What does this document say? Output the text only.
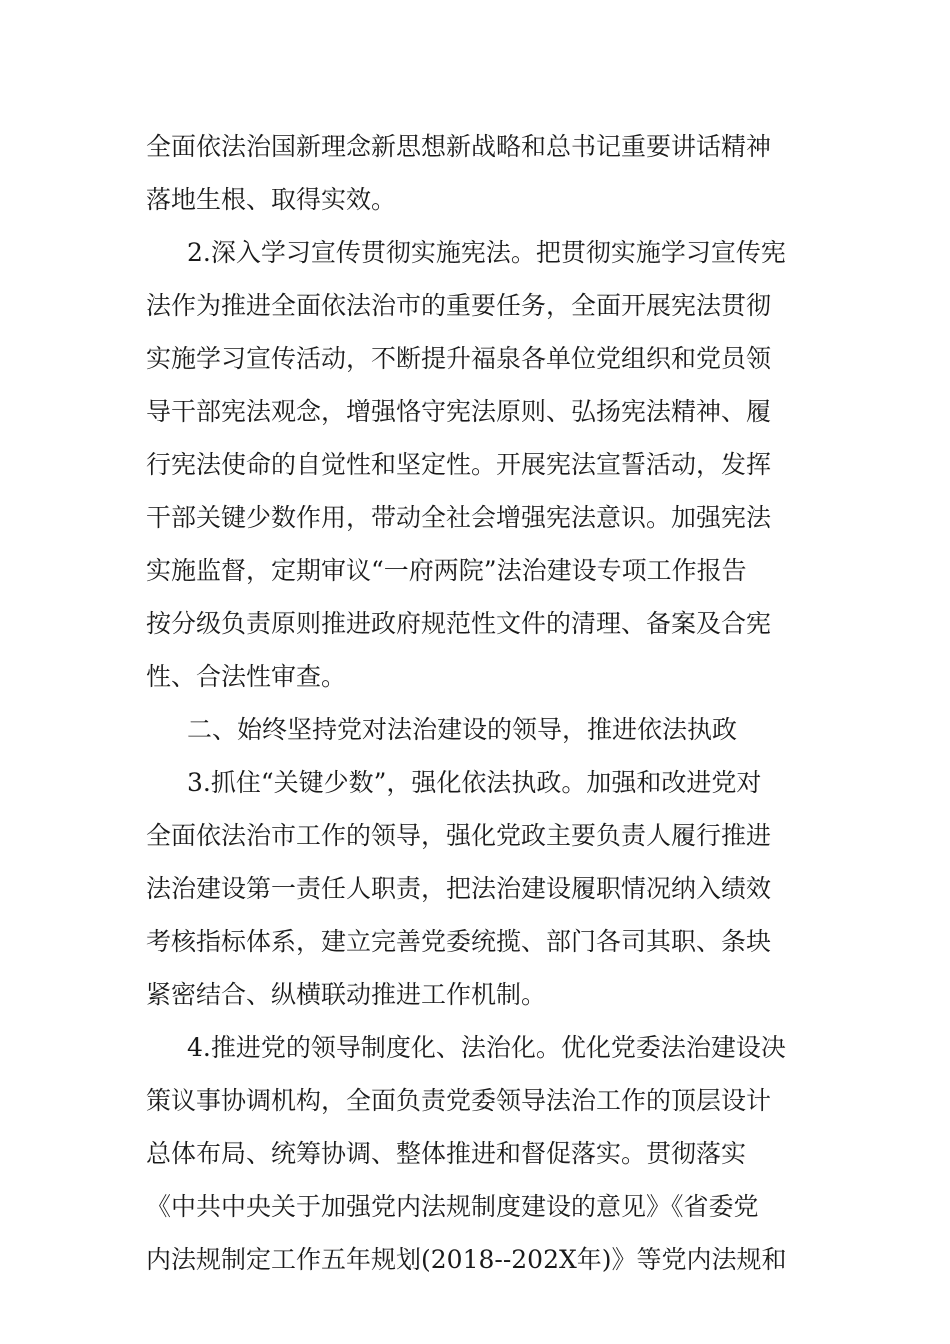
全面依法治国新理念新思想新战略和总书记重要讲话精神
落地生根、取得实效。
2.深入学习宣传贯彻实施宪法。把贯彻实施学习宣传宪
法作为推进全面依法治市的重要任务，全面开展宪法贯彻
实施学习宣传活动，不断提升福泉各单位党组织和党员领
导干部宪法观念，增强恪守宪法原则、弘扬宪法精神、履
行宪法使命的自觉性和坚定性。开展宪法宣誓活动，发挥
干部关键少数作用，带动全社会增强宪法意识。加强宪法
实施监督，定期审议“一府两院”法治建设专项工作报告
按分级负责原则推进政府规范性文件的清理、备案及合宪
性、合法性审查。
二、始终坚持党对法治建设的领导，推进依法执政
3.抓住“关键少数”，强化依法执政。加强和改进党对
全面依法治市工作的领导，强化党政主要负责人履行推进
法治建设第一责任人职责，把法治建设履职情况纳入绩效
考核指标体系，建立完善党委统揽、部门各司其职、条块
紧密结合、纵横联动推进工作机制。
4.推进党的领导制度化、法治化。优化党委法治建设决
策议事协调机构，全面负责党委领导法治工作的顶层设计
总体布局、统筹协调、整体推进和督促落实。贯彻落实
《中共中央关于加强党内法规制度建设的意见》《省委党
内法规制定工作五年规划(2018--202X年)》等党内法规和
